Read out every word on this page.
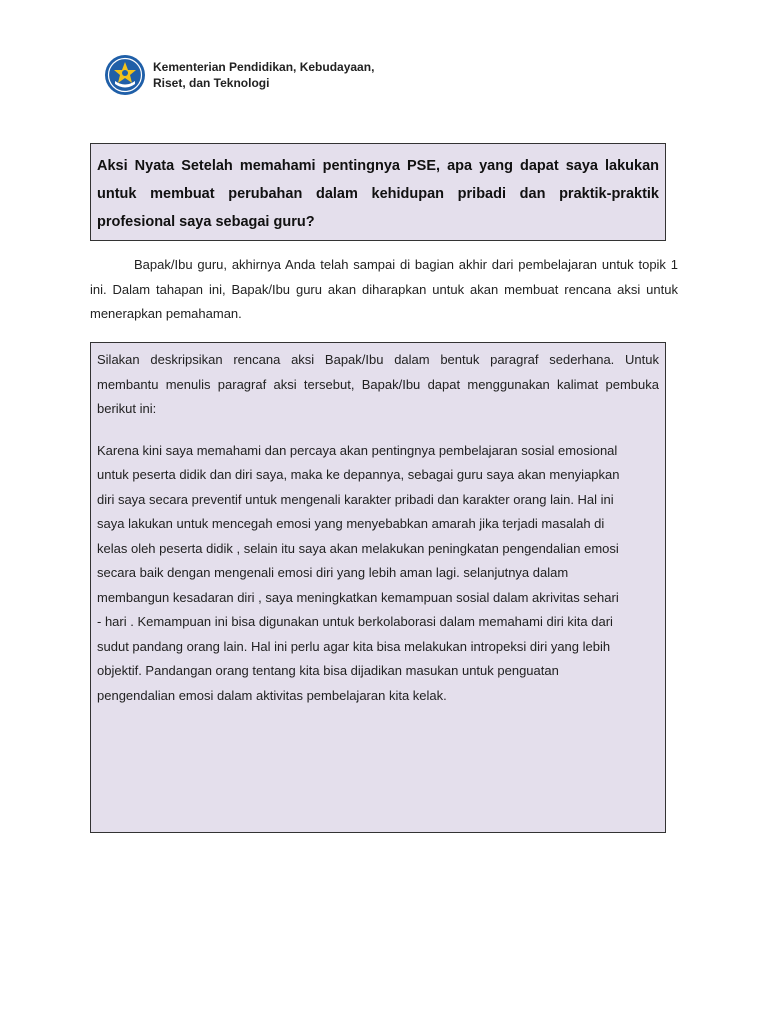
Kementerian Pendidikan, Kebudayaan,
Riset, dan Teknologi

Aksi Nyata Setelah memahami pentingnya PSE, apa yang dapat saya lakukan untuk membuat perubahan dalam kehidupan pribadi dan praktik-praktik profesional saya sebagai guru?

Bapak/Ibu guru, akhirnya Anda telah sampai di bagian akhir dari pembelajaran untuk topik 1 ini. Dalam tahapan ini, Bapak/Ibu guru akan diharapkan untuk akan membuat rencana aksi untuk menerapkan pemahaman.

Silakan deskripsikan rencana aksi Bapak/Ibu dalam bentuk paragraf sederhana. Untuk membantu menulis paragraf aksi tersebut, Bapak/Ibu dapat menggunakan kalimat pembuka berikut ini:

Karena kini saya memahami dan percaya akan pentingnya pembelajaran sosial emosional
untuk peserta didik dan diri saya, maka ke depannya, sebagai guru saya akan menyiapkan
diri saya secara preventif untuk mengenali karakter pribadi dan karakter orang lain. Hal ini
saya lakukan untuk mencegah emosi yang menyebabkan amarah jika terjadi masalah di
kelas oleh peserta didik , selain itu saya akan melakukan peningkatan pengendalian emosi
secara baik dengan mengenali emosi diri yang lebih aman lagi. selanjutnya dalam
membangun kesadaran diri , saya meningkatkan kemampuan sosial dalam akrivitas sehari
- hari . Kemampuan ini bisa digunakan untuk berkolaborasi dalam memahami diri kita dari
sudut pandang orang lain. Hal ini perlu agar kita bisa melakukan intropeksi diri yang lebih
objektif. Pandangan orang tentang kita bisa dijadikan masukan untuk penguatan
pengendalian emosi dalam aktivitas pembelajaran kita kelak.
